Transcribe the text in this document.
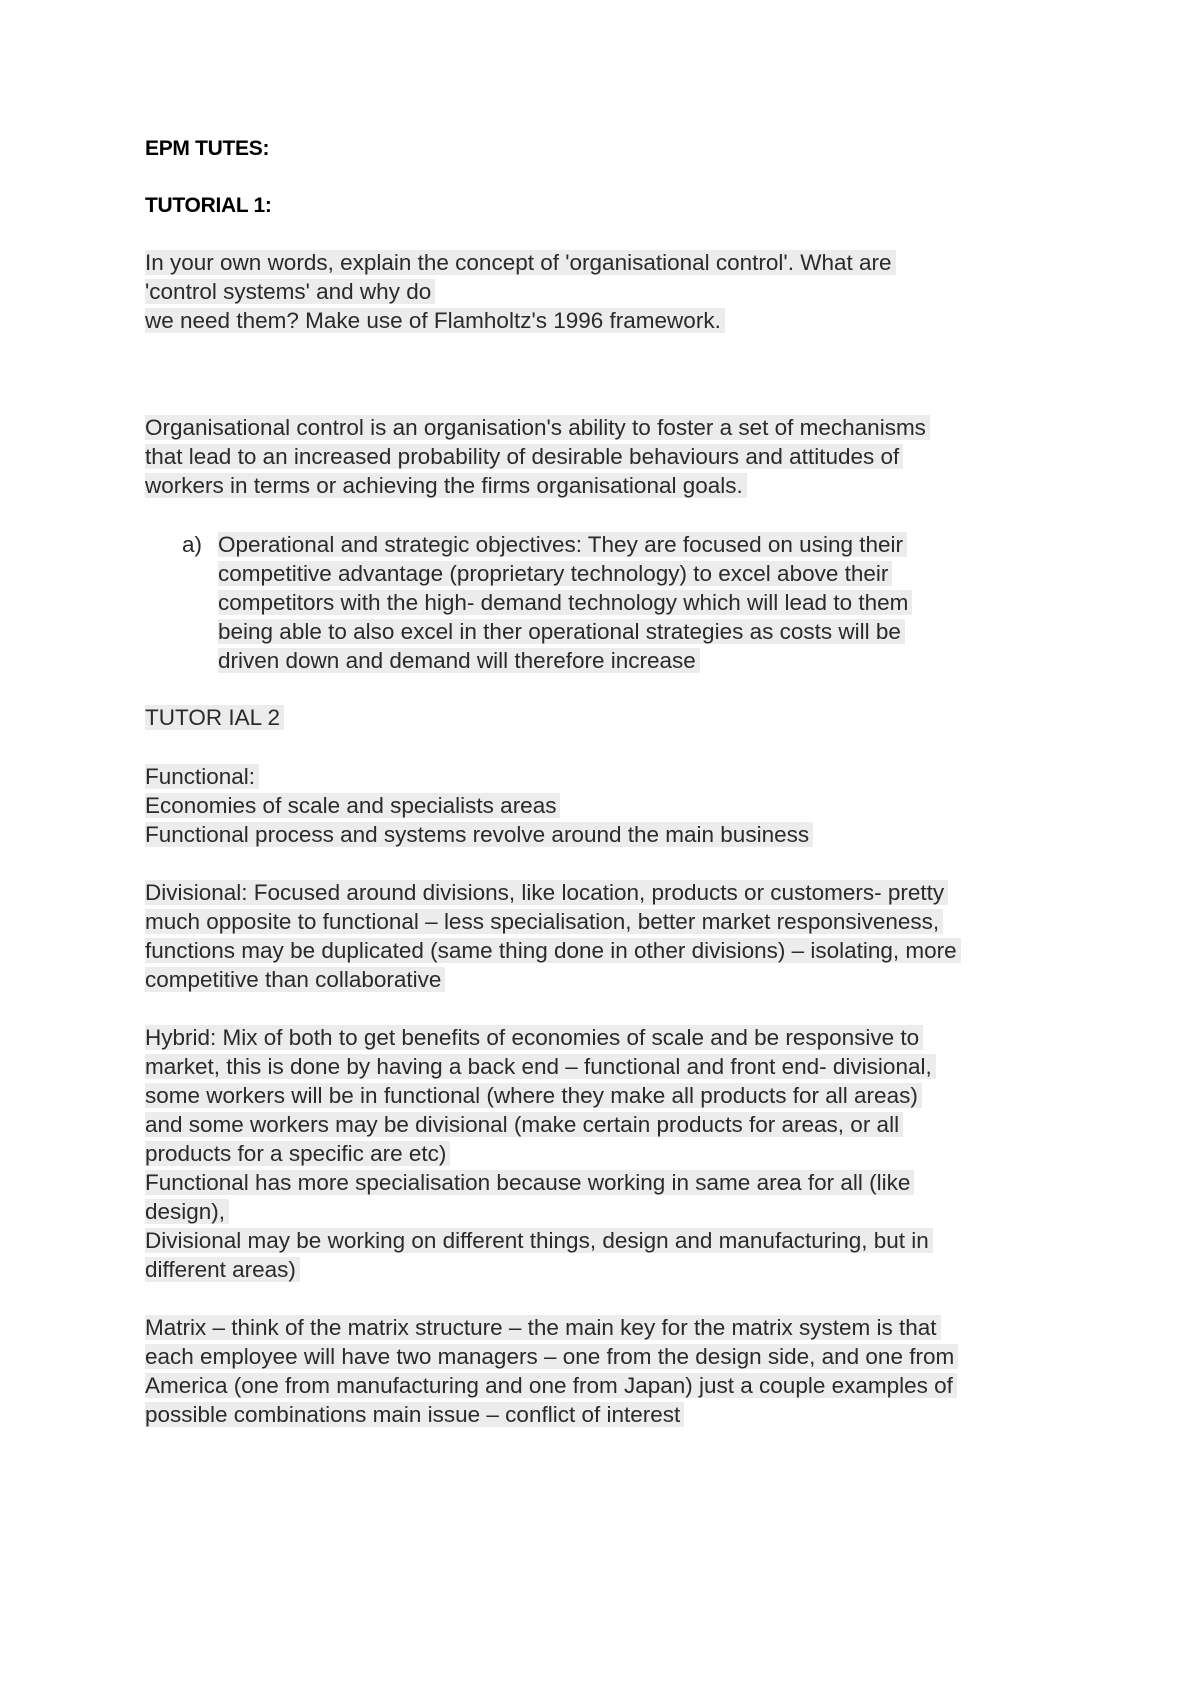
EPM TUTES:
TUTORIAL 1:
In your own words, explain the concept of 'organisational control'. What are
'control systems' and why do
we need them? Make use of Flamholtz's 1996 framework.
Organisational control is an organisation's ability to foster a set of mechanisms
that lead to an increased probability of desirable behaviours and attitudes of
workers in terms or achieving the firms organisational goals.
a) Operational and strategic objectives: They are focused on using their
competitive advantage (proprietary technology) to excel above their
competitors with the high- demand technology which will lead to them
being able to also excel in ther operational strategies as costs will be
driven down and demand will therefore increase
TUTOR IAL 2
Functional:
Economies of scale and specialists areas
Functional process and systems revolve around the main business
Divisional: Focused around divisions, like location, products or customers- pretty
much opposite to functional – less specialisation, better market responsiveness,
functions may be duplicated (same thing done in other divisions) – isolating, more
competitive than collaborative
Hybrid: Mix of both to get benefits of economies of scale and be responsive to
market, this is done by having a back end – functional and front end- divisional,
some workers will be in functional (where they make all products for all areas)
and some workers may be divisional (make certain products for areas, or all
products for a specific are etc)
Functional has more specialisation because working in same area for all (like
design),
Divisional may be working on different things, design and manufacturing, but in
different areas)
Matrix – think of the matrix structure – the main key for the matrix system is that
each employee will have two managers – one from the design side, and one from
America (one from manufacturing and one from Japan) just a couple examples of
possible combinations main issue – conflict of interest
